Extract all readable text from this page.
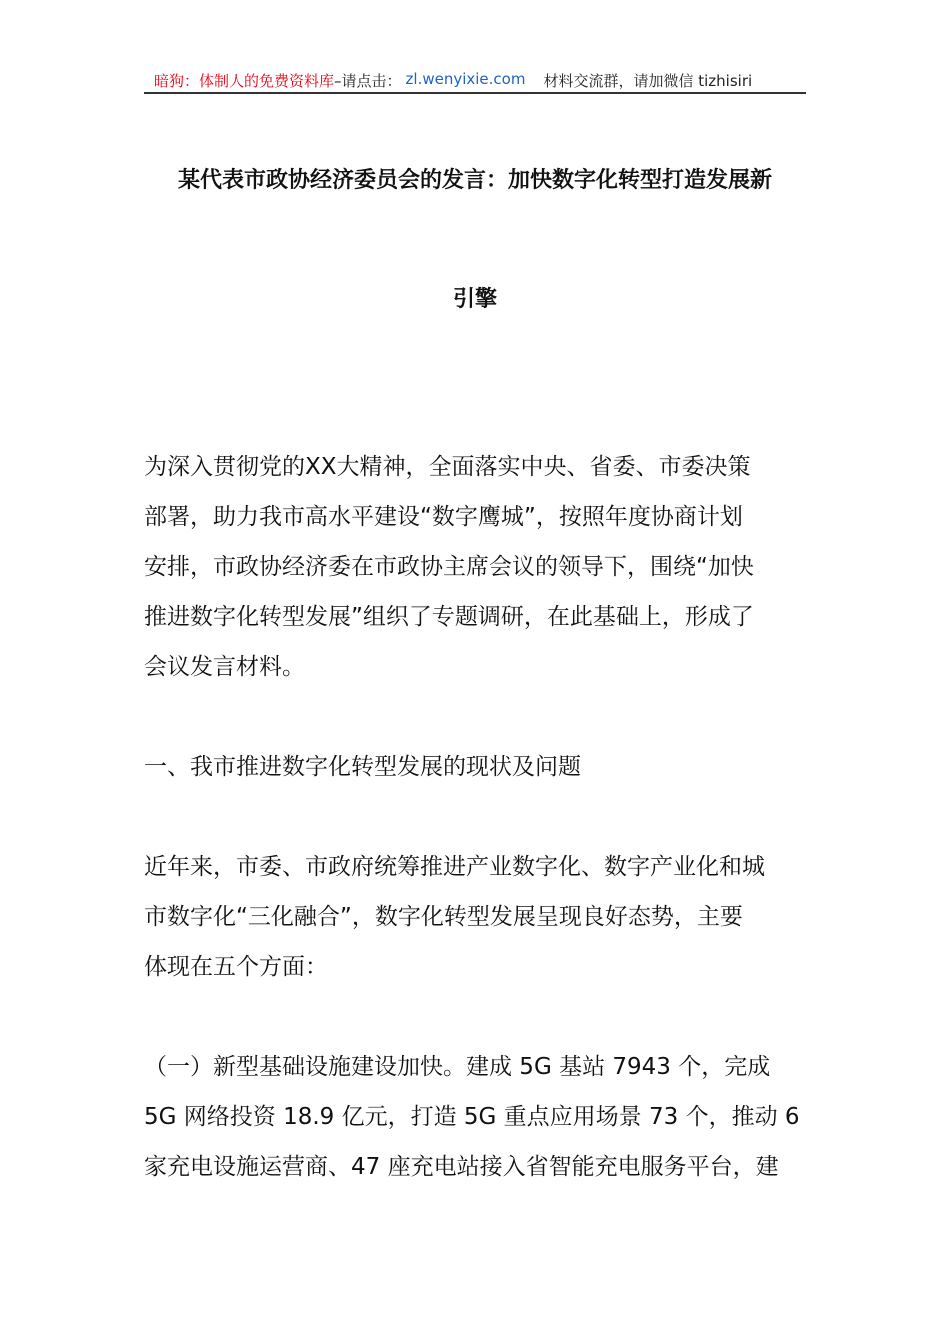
暗狗：体制人的免费资料库 –请点击： zl.wenyixie.com 材料交流群，请加微信 tizhisiri
某代表市政协经济委员会的发言：加快数字化转型打造发展新
引擎
为深入贯彻党的XX大精神，全面落实中央、省委、市委决策
部署，助力我市高水平建设“数字鹰城”，按照年度协商计划
安排，市政协经济委在市政协主席会议的领导下，围绕“加快
推进数字化转型发展”组织了专题调研，在此基础上，形成了
会议发言材料。
一、我市推进数字化转型发展的现状及问题
近年来，市委、市政府统筹推进产业数字化、数字产业化和城
市数字化“三化融合”，数字化转型发展呈现良好态势，主要
体现在五个方面：
（一）新型基础设施建设加快。建成 5G 基站 7943 个，完成
5G 网络投资 18.9 亿元，打造 5G 重点应用场景 73 个，推动 6
家充电设施运营商、47 座充电站接入省智能充电服务平台，建
